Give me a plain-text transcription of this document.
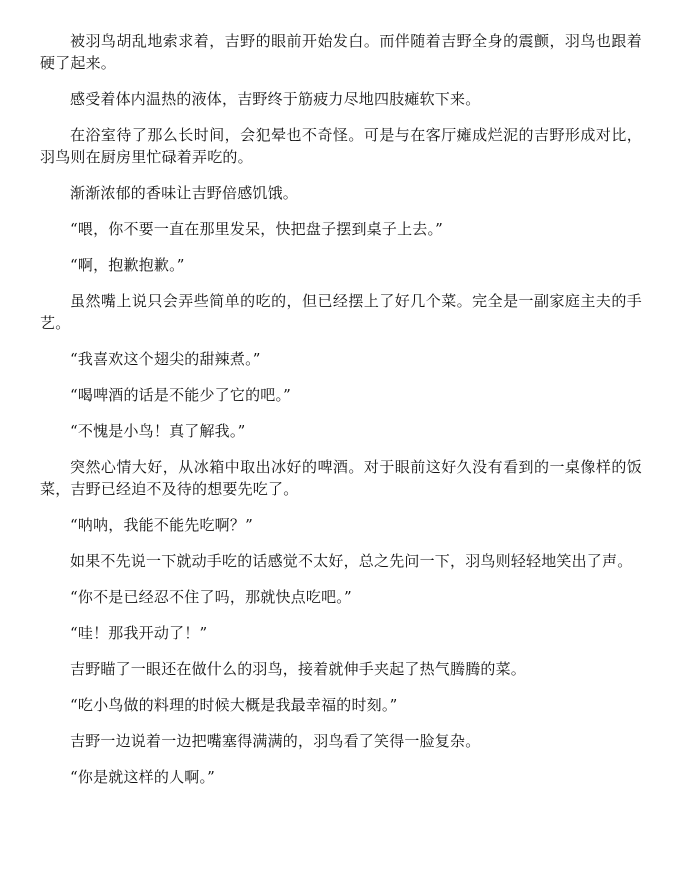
被羽鸟胡乱地索求着，吉野的眼前开始发白。而伴随着吉野全身的震颤，羽鸟也跟着硬了起来。

感受着体内温热的液体，吉野终于筋疲力尽地四肢瘫软下来。

在浴室待了那么长时间，会犯晕也不奇怪。可是与在客厅瘫成烂泥的吉野形成对比，羽鸟则在厨房里忙碌着弄吃的。

渐渐浓郁的香味让吉野倍感饥饿。

“喂，你不要一直在那里发呆，快把盘子摆到桌子上去。”

“啊，抱歉抱歉。”

虽然嘴上说只会弄些简单的吃的，但已经摆上了好几个菜。完全是一副家庭主夫的手艺。

“我喜欢这个翅尖的甜辣煮。”

“喝啤酒的话是不能少了它的吧。”

“不愧是小鸟！真了解我。”

突然心情大好，从冰箱中取出冰好的啤酒。对于眼前这好久没有看到的一桌像样的饭菜，吉野已经迫不及待的想要先吃了。

“呐呐，我能不能先吃啊？”

如果不先说一下就动手吃的话感觉不太好，总之先问一下，羽鸟则轻轻地笑出了声。

“你不是已经忍不住了吗，那就快点吃吧。”

“哇！那我开动了！”

吉野瞄了一眼还在做什么的羽鸟，接着就伸手夹起了热气腾腾的菜。

“吃小鸟做的料理的时候大概是我最幸福的时刻。”

吉野一边说着一边把嘴塞得满满的，羽鸟看了笑得一脸复杂。

“你是就这样的人啊。”
